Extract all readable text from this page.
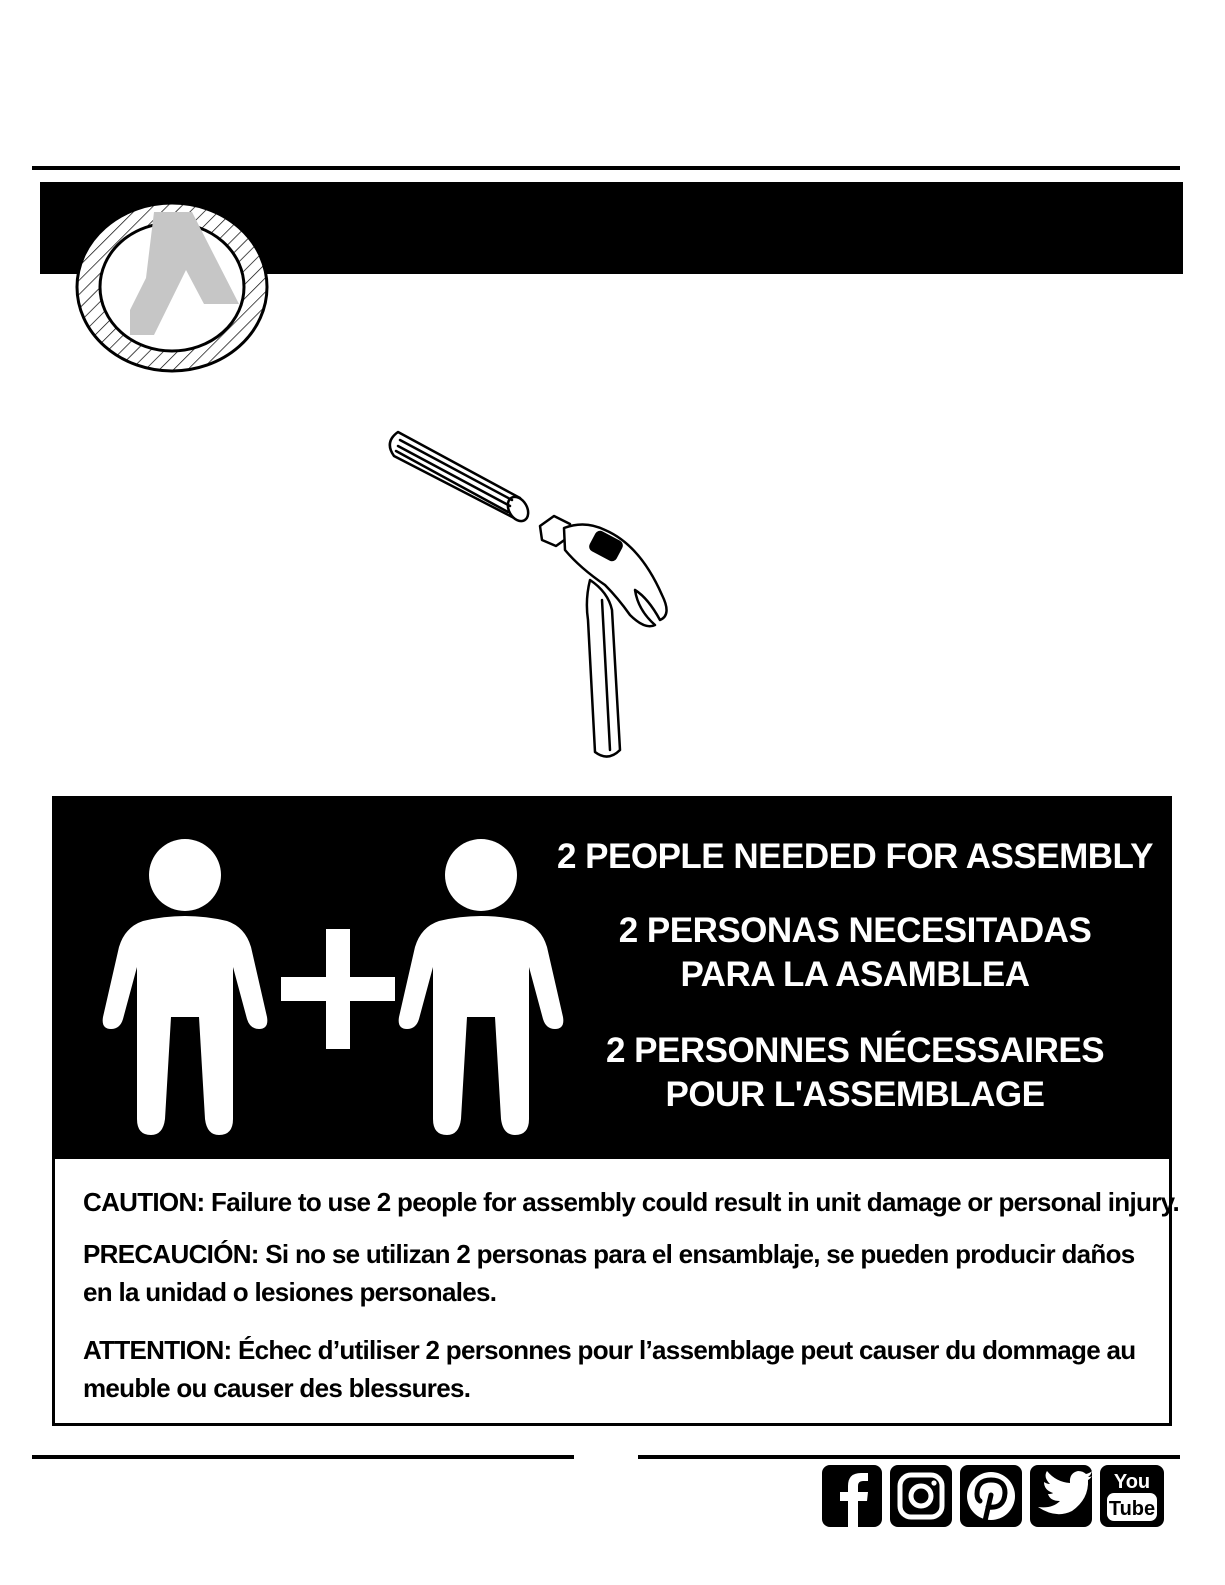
2 PEOPLE NEEDED FOR ASSEMBLY
2 PERSONAS NECESITADAS
PARA LA ASAMBLEA
2 PERSONNES NÉCESSAIRES
POUR L'ASSEMBLAGE
CAUTION: Failure to use 2 people for assembly could result in unit damage or personal injury.
PRECAUCIÓN: Si no se utilizan 2 personas para el ensamblaje, se pueden producir daños en la unidad o lesiones personales.
ATTENTION: Échec d’utiliser 2 personnes pour l’assemblage peut causer du dommage au meuble ou causer des blessures.
You
Tube
